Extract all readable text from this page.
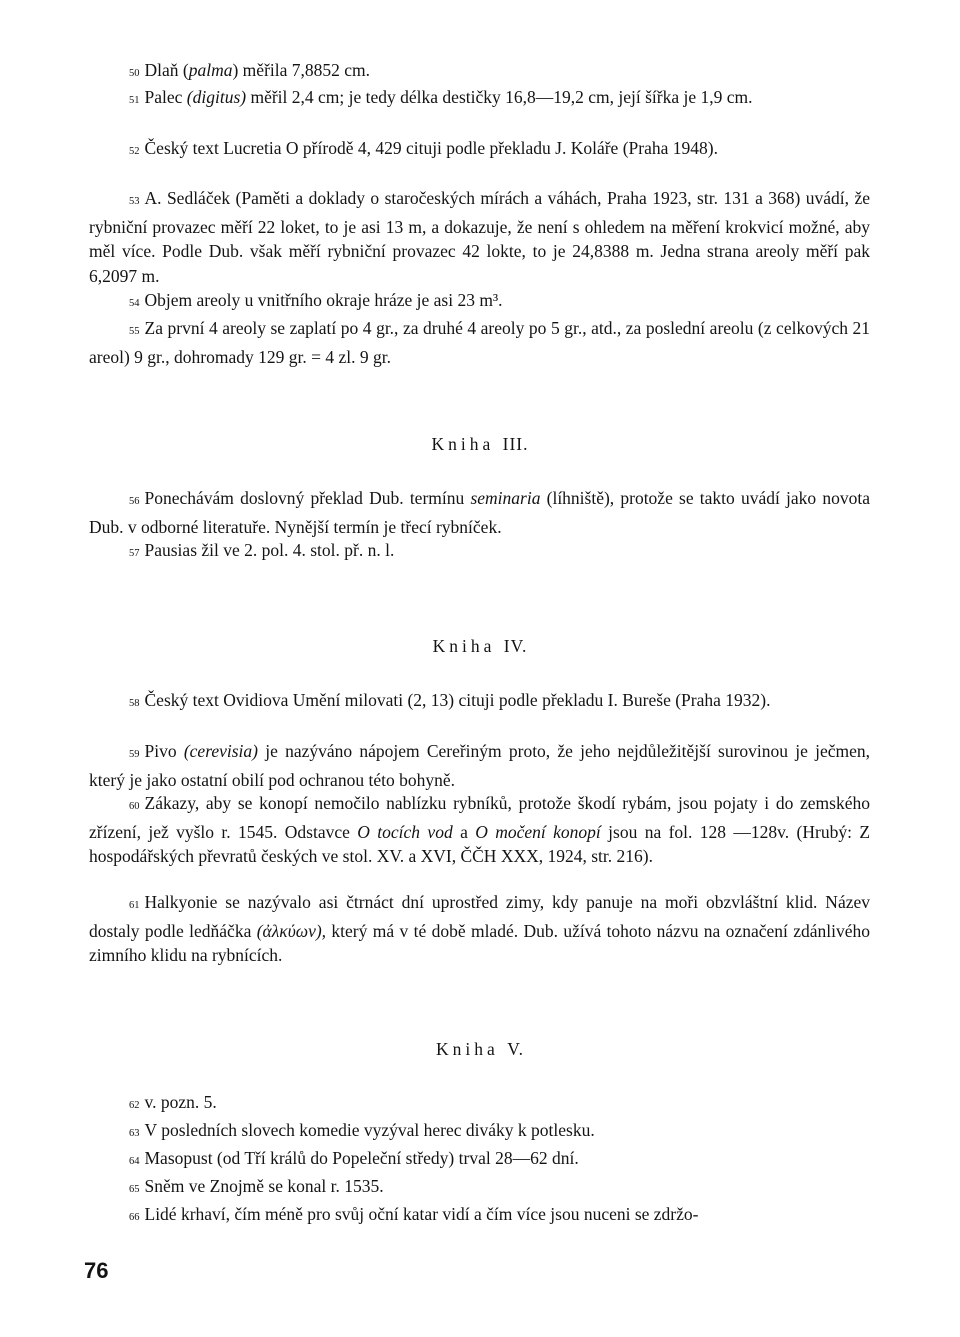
50 Dlaň (palma) měřila 7,8852 cm.

51 Palec (digitus) měřil 2,4 cm; je tedy délka destičky 16,8—19,2 cm, její šířka je 1,9 cm.

52 Český text Lucretia O přírodě 4, 429 cituji podle překladu J. Koláře (Praha 1948).

53 A. Sedláček (Paměti a doklady o staročeských mírách a váhách, Praha 1923, str. 131 a 368) uvádí, že rybniční provazec měří 22 loket, to je asi 13 m, a dokazuje, že není s ohledem na měření krokvicí možné, aby měl více. Podle Dub. však měří rybniční provazec 42 lokte, to je 24,8388 m. Jedna strana areoly měří pak 6,2097 m.

54 Objem areoly u vnitřního okraje hráze je asi 23 m³.

55 Za první 4 areoly se zaplatí po 4 gr., za druhé 4 areoly po 5 gr., atd., za poslední areolu (z celkových 21 areol) 9 gr., dohromady 129 gr. = 4 zl. 9 gr.

Kniha III.

56 Ponechávám doslovný překlad Dub. termínu seminaria (líhniště), protože se takto uvádí jako novota Dub. v odborné literatuře. Nynější termín je třecí rybníček.

57 Pausias žil ve 2. pol. 4. stol. př. n. l.

Kniha IV.

58 Český text Ovidiova Umění milovati (2, 13) cituji podle překladu I. Bureše (Praha 1932).

59 Pivo (cerevisia) je nazýváno nápojem Cereřiným proto, že jeho nejdůležitější surovinou je ječmen, který je jako ostatní obilí pod ochranou této bohyně.

60 Zákazy, aby se konopí nemočilo nablízku rybníků, protože škodí rybám, jsou pojaty i do zemského zřízení, jež vyšlo r. 1545. Odstavce O tocích vod a O močení konopí jsou na fol. 128 —128v. (Hrubý: Z hospodářských převratů českých ve stol. XV. a XVI, ČČH XXX, 1924, str. 216).

61 Halkyonie se nazývalo asi čtrnáct dní uprostřed zimy, kdy panuje na moři obzvláštní klid. Název dostaly podle ledňáčka (ἀλκύων), který má v té době mladé. Dub. užívá tohoto názvu na označení zdánlivého zimního klidu na rybnících.

Kniha V.

62 v. pozn. 5.

63 V posledních slovech komedie vyzýval herec diváky k potlesku.

64 Masopust (od Tří králů do Popeleční středy) trval 28—62 dní.

65 Sněm ve Znojmě se konal r. 1535.

66 Lidé krhaví, čím méně pro svůj oční katar vidí a čím více jsou nuceni se zdržo-

76
